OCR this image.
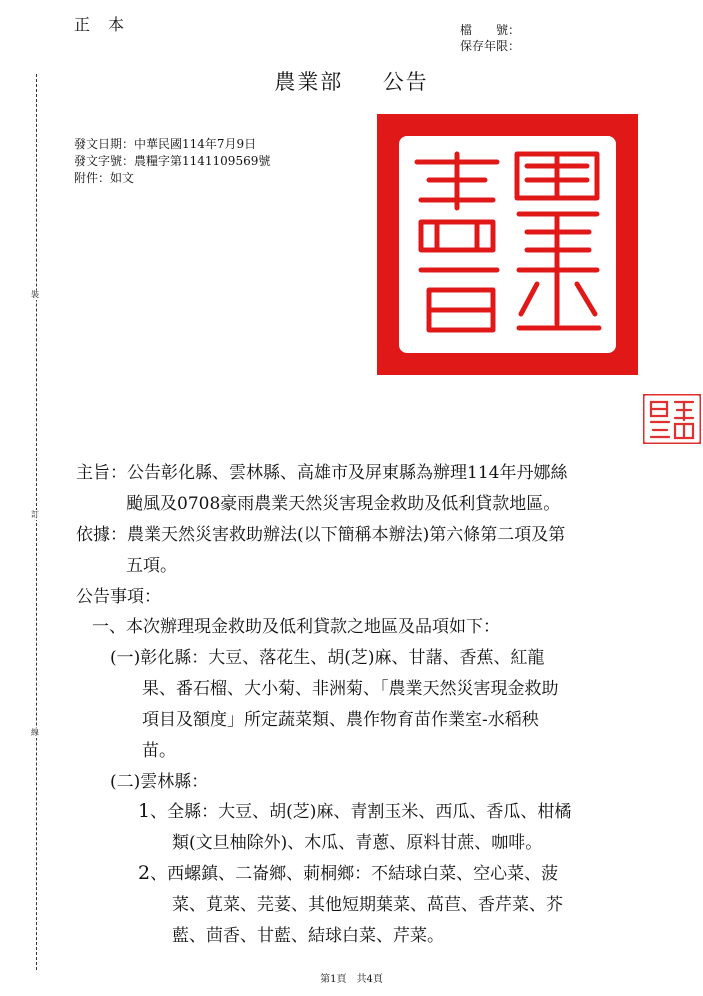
正本	檔　　號：
保存年限：
農業部 公告
發文日期：中華民國114年7月9日
發文字號：農糧字第1141109569號
附件：如文
裝
訂
線
主旨：公告彰化縣、雲林縣、高雄市及屏東縣為辦理114年丹娜絲
颱風及0708豪雨農業天然災害現金救助及低利貸款地區。
依據：農業天然災害救助辦法(以下簡稱本辦法)第六條第二項及第
五項。
公告事項：
一、本次辦理現金救助及低利貸款之地區及品項如下：
(一)彰化縣：大豆、落花生、胡(芝)麻、甘藷、香蕉、紅龍
果、番石榴、大小菊、非洲菊、「農業天然災害現金救助
項目及額度」所定蔬菜類、農作物育苗作業室-水稻秧
苗。
(二)雲林縣：
1、全縣：大豆、胡(芝)麻、青割玉米、西瓜、香瓜、柑橘
類(文旦柚除外)、木瓜、青蔥、原料甘蔗、咖啡。
2、西螺鎮、二崙鄉、莿桐鄉：不結球白菜、空心菜、菠
菜、莧菜、芫荽、其他短期葉菜、萵苣、香芹菜、芥
藍、茴香、甘藍、結球白菜、芹菜。
第1頁　共4頁
